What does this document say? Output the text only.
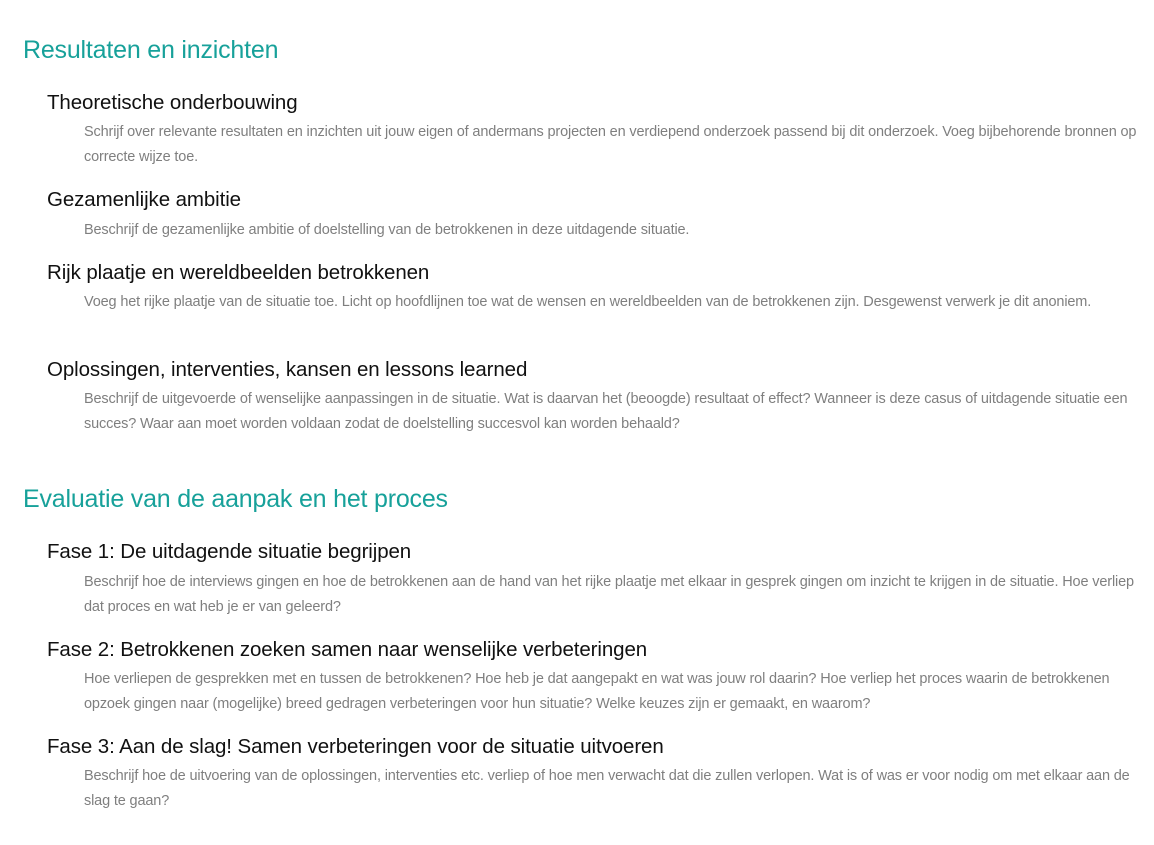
Resultaten en inzichten
Theoretische onderbouwing

Schrijf over relevante resultaten en inzichten uit jouw eigen of andermans projecten en verdiepend onderzoek passend bij dit onderzoek. Voeg bijbehorende bronnen op correcte wijze toe.

Gezamenlijke ambitie

Beschrijf de gezamenlijke ambitie of doelstelling van de betrokkenen in deze uitdagende situatie.

Rijk plaatje en wereldbeelden betrokkenen

Voeg het rijke plaatje van de situatie toe. Licht op hoofdlijnen toe wat de wensen en wereldbeelden van de betrokkenen zijn. Desgewenst verwerk je dit anoniem.

Oplossingen, interventies, kansen en lessons learned

Beschrijf de uitgevoerde of wenselijke aanpassingen in de situatie. Wat is daarvan het (beoogde) resultaat of effect? Wanneer is deze casus of uitdagende situatie een succes? Waar aan moet worden voldaan zodat de doelstelling succesvol kan worden behaald?

Evaluatie van de aanpak en het proces
Fase 1: De uitdagende situatie begrijpen

Beschrijf hoe de interviews gingen en hoe de betrokkenen aan de hand van het rijke plaatje met elkaar in gesprek gingen om inzicht te krijgen in de situatie. Hoe verliep dat proces en wat heb je er van geleerd?

Fase 2: Betrokkenen zoeken samen naar wenselijke verbeteringen

Hoe verliepen de gesprekken met en tussen de betrokkenen? Hoe heb je dat aangepakt en wat was jouw rol daarin? Hoe verliep het proces waarin de betrokkenen opzoek gingen naar (mogelijke) breed gedragen verbeteringen voor hun situatie? Welke keuzes zijn er gemaakt, en waarom?

Fase 3: Aan de slag! Samen verbeteringen voor de situatie uitvoeren

Beschrijf hoe de uitvoering van de oplossingen, interventies etc. verliep of hoe men verwacht dat die zullen verlopen. Wat is of was er voor nodig om met elkaar aan de slag te gaan?
